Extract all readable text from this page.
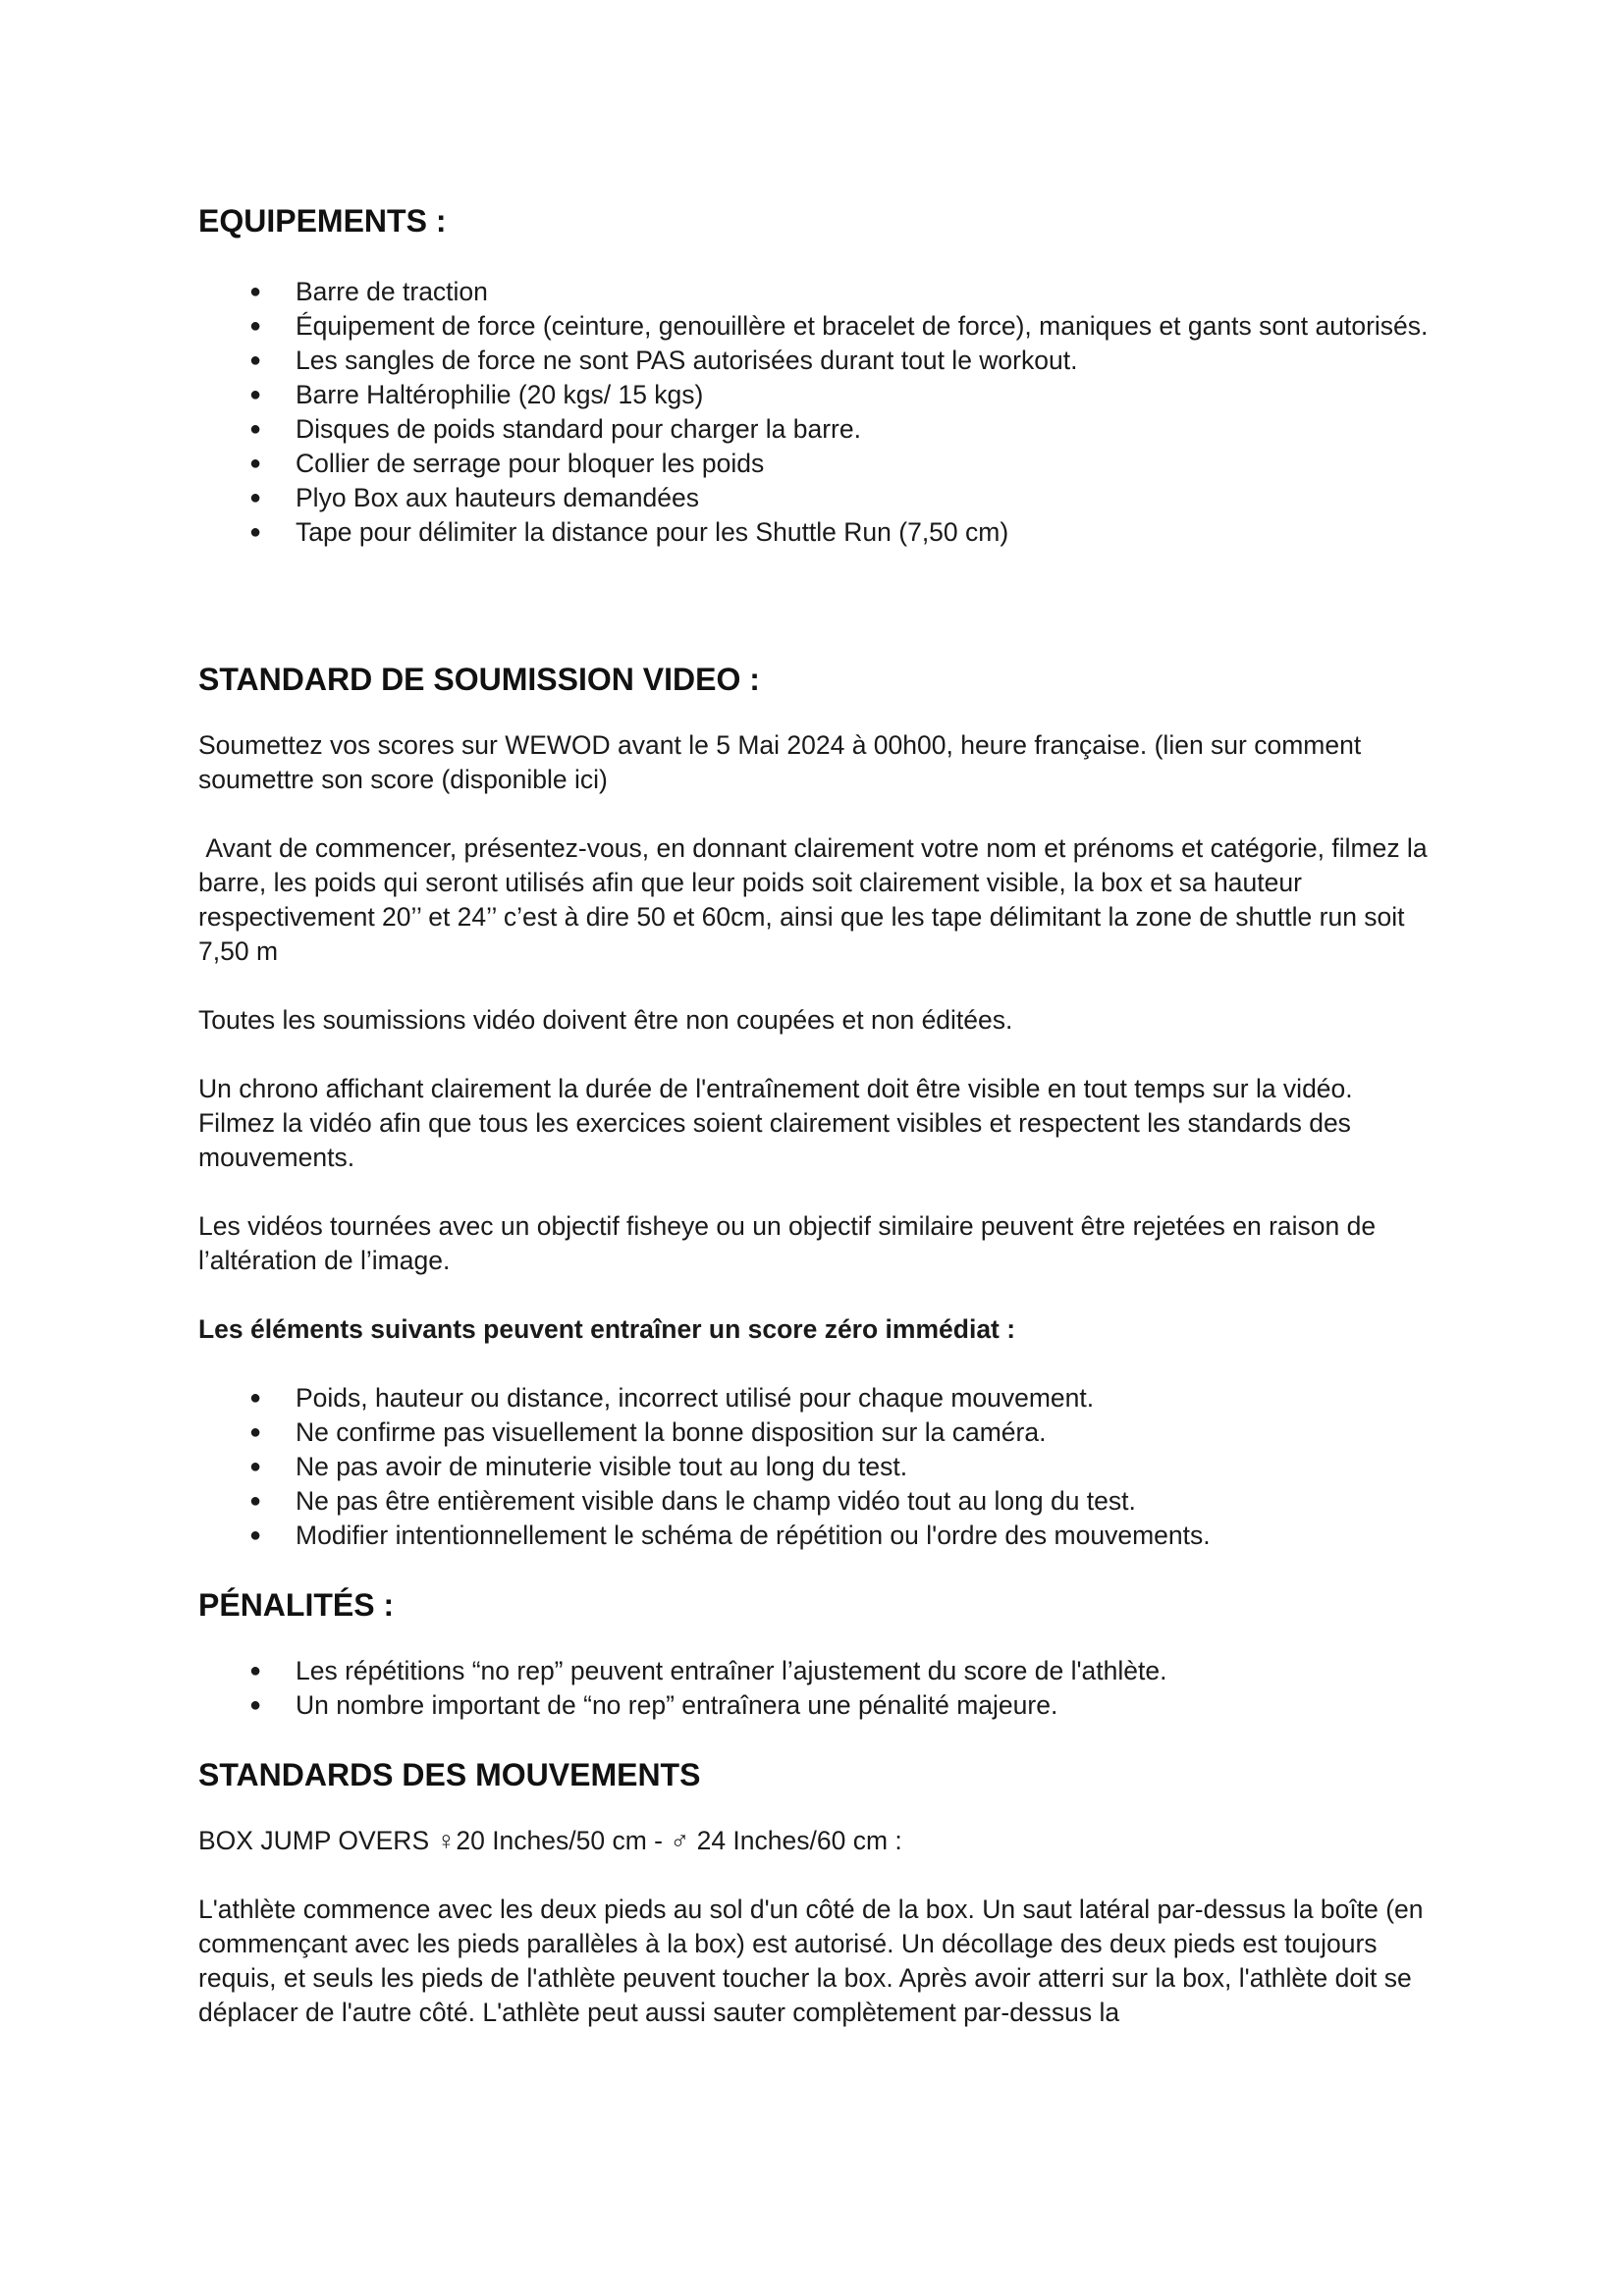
EQUIPEMENTS :
● Barre de traction
● Équipement de force (ceinture, genouillère et bracelet de force), maniques et gants sont autorisés.
● Les sangles de force ne sont PAS autorisées durant tout le workout.
● Barre Haltérophilie (20 kgs/ 15 kgs)
● Disques de poids standard pour charger la barre.
● Collier de serrage pour bloquer les poids
● Plyo Box aux hauteurs demandées
● Tape pour délimiter la distance pour les Shuttle Run (7,50 cm)
STANDARD DE SOUMISSION VIDEO :

Soumettez vos scores sur WEWOD avant le 5 Mai 2024 à 00h00, heure française. (lien sur comment soumettre son score (disponible ici)

Avant de commencer, présentez-vous, en donnant clairement votre nom et prénoms et catégorie, filmez la barre, les poids qui seront utilisés afin que leur poids soit clairement visible, la box et sa hauteur respectivement 20’’ et 24’’ c’est à dire 50 et 60cm, ainsi que les tape délimitant la zone de shuttle run soit 7,50 m

Toutes les soumissions vidéo doivent être non coupées et non éditées.

Un chrono affichant clairement la durée de l'entraînement doit être visible en tout temps sur la vidéo. Filmez la vidéo afin que tous les exercices soient clairement visibles et respectent les standards des mouvements.

Les vidéos tournées avec un objectif fisheye ou un objectif similaire peuvent être rejetées en raison de l’altération de l’image.

Les éléments suivants peuvent entraîner un score zéro immédiat :

● Poids, hauteur ou distance, incorrect utilisé pour chaque mouvement.
● Ne confirme pas visuellement la bonne disposition sur la caméra.
● Ne pas avoir de minuterie visible tout au long du test.
● Ne pas être entièrement visible dans le champ vidéo tout au long du test.
● Modifier intentionnellement le schéma de répétition ou l'ordre des mouvements.
PÉNALITÉS :
● Les répétitions “no rep” peuvent entraîner l’ajustement du score de l'athlète.
● Un nombre important de “no rep” entraînera une pénalité majeure.
STANDARDS DES MOUVEMENTS

BOX JUMP OVERS ♀20 Inches/50 cm - ♂ 24 Inches/60 cm :

L'athlète commence avec les deux pieds au sol d'un côté de la box. Un saut latéral par-dessus la boîte (en commençant avec les pieds parallèles à la box) est autorisé. Un décollage des deux pieds est toujours requis, et seuls les pieds de l'athlète peuvent toucher la box. Après avoir atterri sur la box, l'athlète doit se déplacer de l'autre côté. L'athlète peut aussi sauter complètement par-dessus la
